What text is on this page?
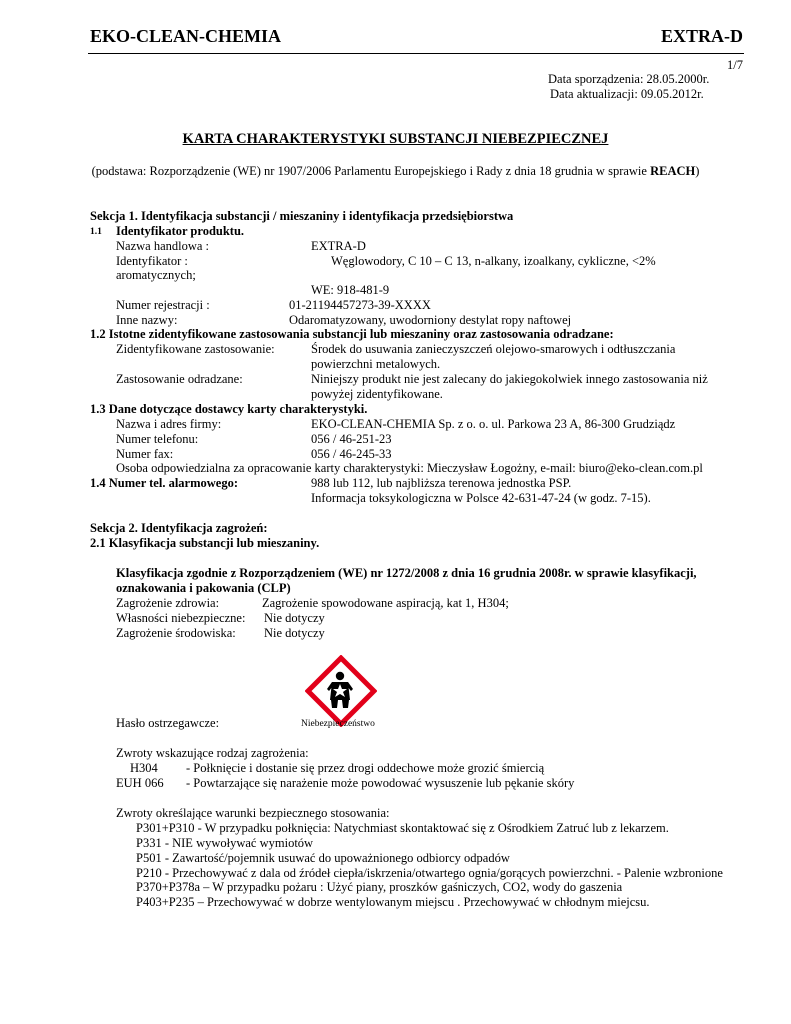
EKO-CLEAN-CHEMIA	EXTRA-D
1/7
Data sporządzenia: 28.05.2000r.
Data aktualizacji: 09.05.2012r.
KARTA CHARAKTERYSTYKI SUBSTANCJI NIEBEZPIECZNEJ
(podstawa: Rozporządzenie (WE) nr 1907/2006 Parlamentu Europejskiego i Rady z dnia 18 grudnia w sprawie REACH)
Sekcja 1. Identyfikacja substancji / mieszaniny i identyfikacja przedsiębiorstwa
1.1 Identyfikator produktu.
Nazwa handlowa :	EXTRA-D
Identyfikator :	Węglowodory, C 10 – C 13, n-alkany, izoalkany, cykliczne, <2%
aromatycznych;
WE: 918-481-9
Numer rejestracji :	01-21194457273-39-XXXX
Inne nazwy:	Odaromatyzowany, uwodorniony destylat ropy naftowej
1.2 Istotne zidentyfikowane zastosowania substancji lub mieszaniny oraz zastosowania odradzane:
Zidentyfikowane zastosowanie:	Środek do usuwania zanieczyszczeń olejowo-smarowych i odtłuszczania
powierzchni metalowych.
Zastosowanie odradzane:	Niniejszy produkt nie jest zalecany do jakiegokolwiek innego zastosowania niż
powyżej zidentyfikowane.
1.3 Dane dotyczące dostawcy karty charakterystyki.
Nazwa i adres firmy:	EKO-CLEAN-CHEMIA Sp. z o. o. ul. Parkowa 23 A, 86-300 Grudziądz
Numer telefonu:	056 / 46-251-23
Numer fax:	056 / 46-245-33
Osoba odpowiedzialna za opracowanie karty charakterystyki: Mieczysław Łogożny, e-mail: biuro@eko-clean.com.pl
1.4 Numer tel. alarmowego:	988 lub 112, lub najbliższa terenowa jednostka PSP.
Informacja toksykologiczna w Polsce 42-631-47-24 (w godz. 7-15).
Sekcja 2. Identyfikacja zagrożeń:
2.1 Klasyfikacja substancji lub mieszaniny.
Klasyfikacja zgodnie z Rozporządzeniem (WE) nr 1272/2008 z dnia 16 grudnia 2008r. w sprawie klasyfikacji,
oznakowania i pakowania (CLP)
Zagrożenie zdrowia:	Zagrożenie spowodowane aspiracją, kat 1, H304;
Własności niebezpieczne: Nie dotyczy
Zagrożenie środowiska: Nie dotyczy
Hasło ostrzegawcze:	Niebezpieczeństwo
Zwroty wskazujące rodzaj zagrożenia:
H304 - Połknięcie i dostanie się przez drogi oddechowe może grozić śmiercią
EUH 066 - Powtarzające się narażenie może powodować wysuszenie lub pękanie skóry
Zwroty określające warunki bezpiecznego stosowania:
P301+P310 - W przypadku połknięcia: Natychmiast skontaktować się z Ośrodkiem Zatruć lub z lekarzem.
P331 - NIE wywoływać wymiotów
P501 - Zawartość/pojemnik usuwać do upoważnionego odbiorcy odpadów
P210 - Przechowywać z dala od źródeł ciepła/iskrzenia/otwartego ognia/gorących powierzchni. - Palenie wzbronione
P370+P378a – W przypadku pożaru : Użyć piany, proszków gaśniczych, CO2, wody do gaszenia
P403+P235 – Przechowywać w dobrze wentylowanym miejscu . Przechowywać w chłodnym miejcsu.
